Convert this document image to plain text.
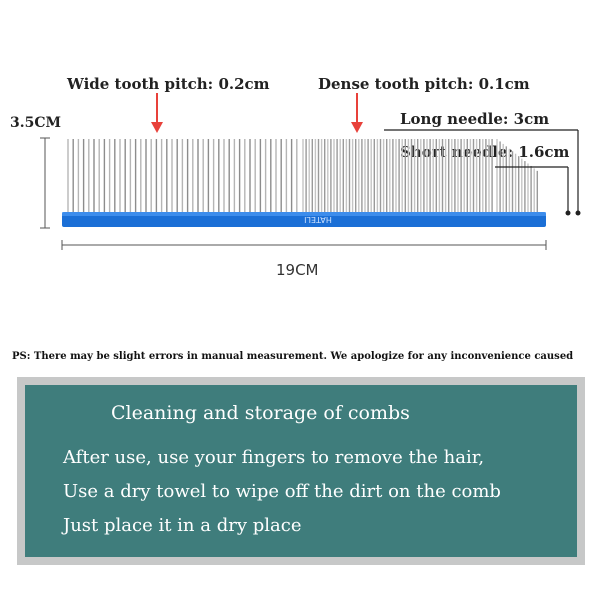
Wide tooth pitch: 0.2cm	Dense tooth pitch: 0.1cm
Long needle: 3cm
Short needle: 1.6cm
3.5CM
19CM
HATELI
PS: There may be slight errors in manual measurement. We apologize for any inconvenience caused
Cleaning and storage of combs
After use, use your fingers to remove the hair,
Use a dry towel to wipe off the dirt on the comb
Just place it in a dry place
